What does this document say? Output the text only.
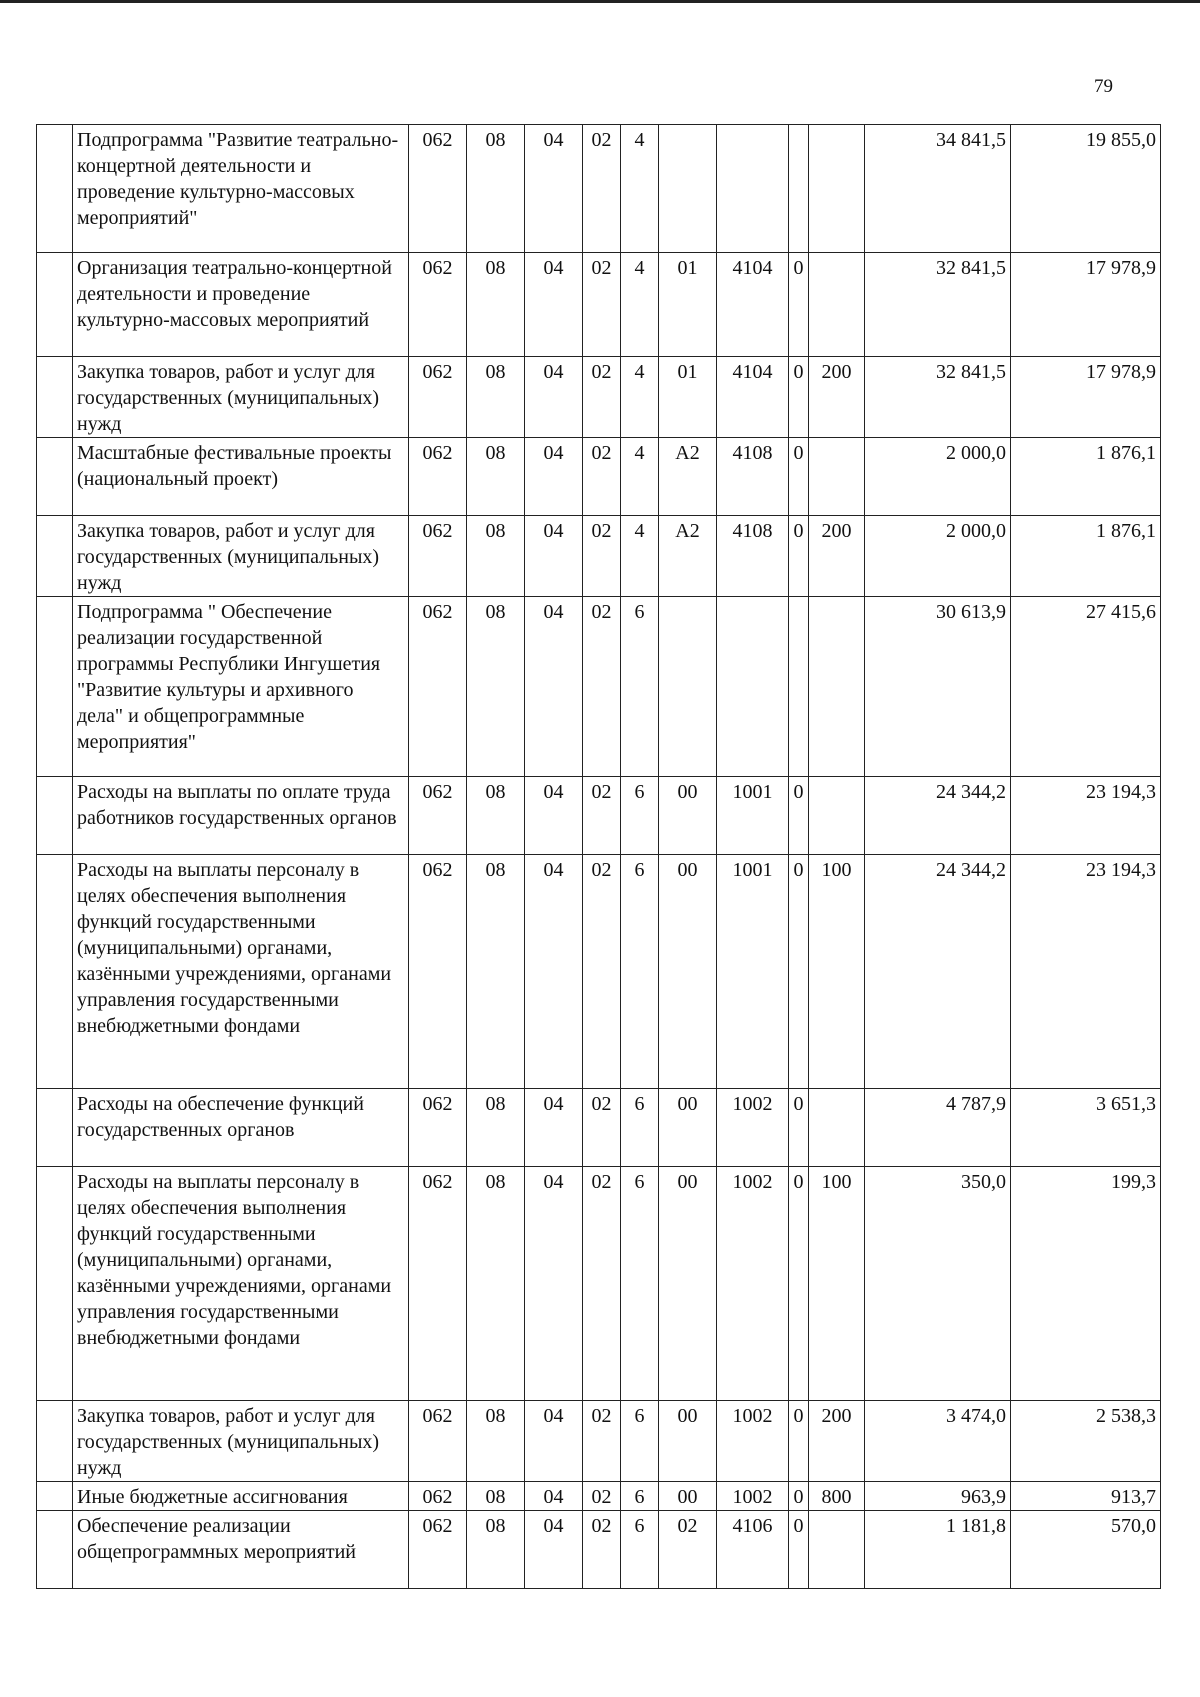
79
	Подпрограмма "Развитие театрально-концертной деятельности и проведение культурно-массовых мероприятий"	062	08	04	02	4					34 841,5	19 855,0
	Организация театрально-концертной деятельности и проведение культурно-массовых мероприятий	062	08	04	02	4	01	4104	0		32 841,5	17 978,9
	Закупка товаров, работ и услуг для государственных (муниципальных) нужд	062	08	04	02	4	01	4104	0	200	32 841,5	17 978,9
	Масштабные фестивальные проекты (национальный проект)	062	08	04	02	4	A2	4108	0		2 000,0	1 876,1
	Закупка товаров, работ и услуг для государственных (муниципальных) нужд	062	08	04	02	4	A2	4108	0	200	2 000,0	1 876,1
	Подпрограмма " Обеспечение реализации государственной программы Республики Ингушетия "Развитие культуры и архивного дела" и общепрограммные мероприятия"	062	08	04	02	6					30 613,9	27 415,6
	Расходы на выплаты по оплате труда работников государственных органов	062	08	04	02	6	00	1001	0		24 344,2	23 194,3
	Расходы на выплаты персоналу в целях обеспечения выполнения функций государственными (муниципальными) органами, казёнными учреждениями, органами управления государственными внебюджетными фондами	062	08	04	02	6	00	1001	0	100	24 344,2	23 194,3
	Расходы на обеспечение функций государственных органов	062	08	04	02	6	00	1002	0		4 787,9	3 651,3
	Расходы на выплаты персоналу в целях обеспечения выполнения функций государственными (муниципальными) органами, казёнными учреждениями, органами управления государственными внебюджетными фондами	062	08	04	02	6	00	1002	0	100	350,0	199,3
	Закупка товаров, работ и услуг для государственных (муниципальных) нужд	062	08	04	02	6	00	1002	0	200	3 474,0	2 538,3
	Иные бюджетные ассигнования	062	08	04	02	6	00	1002	0	800	963,9	913,7
	Обеспечение реализации общепрограммных мероприятий	062	08	04	02	6	02	4106	0		1 181,8	570,0
